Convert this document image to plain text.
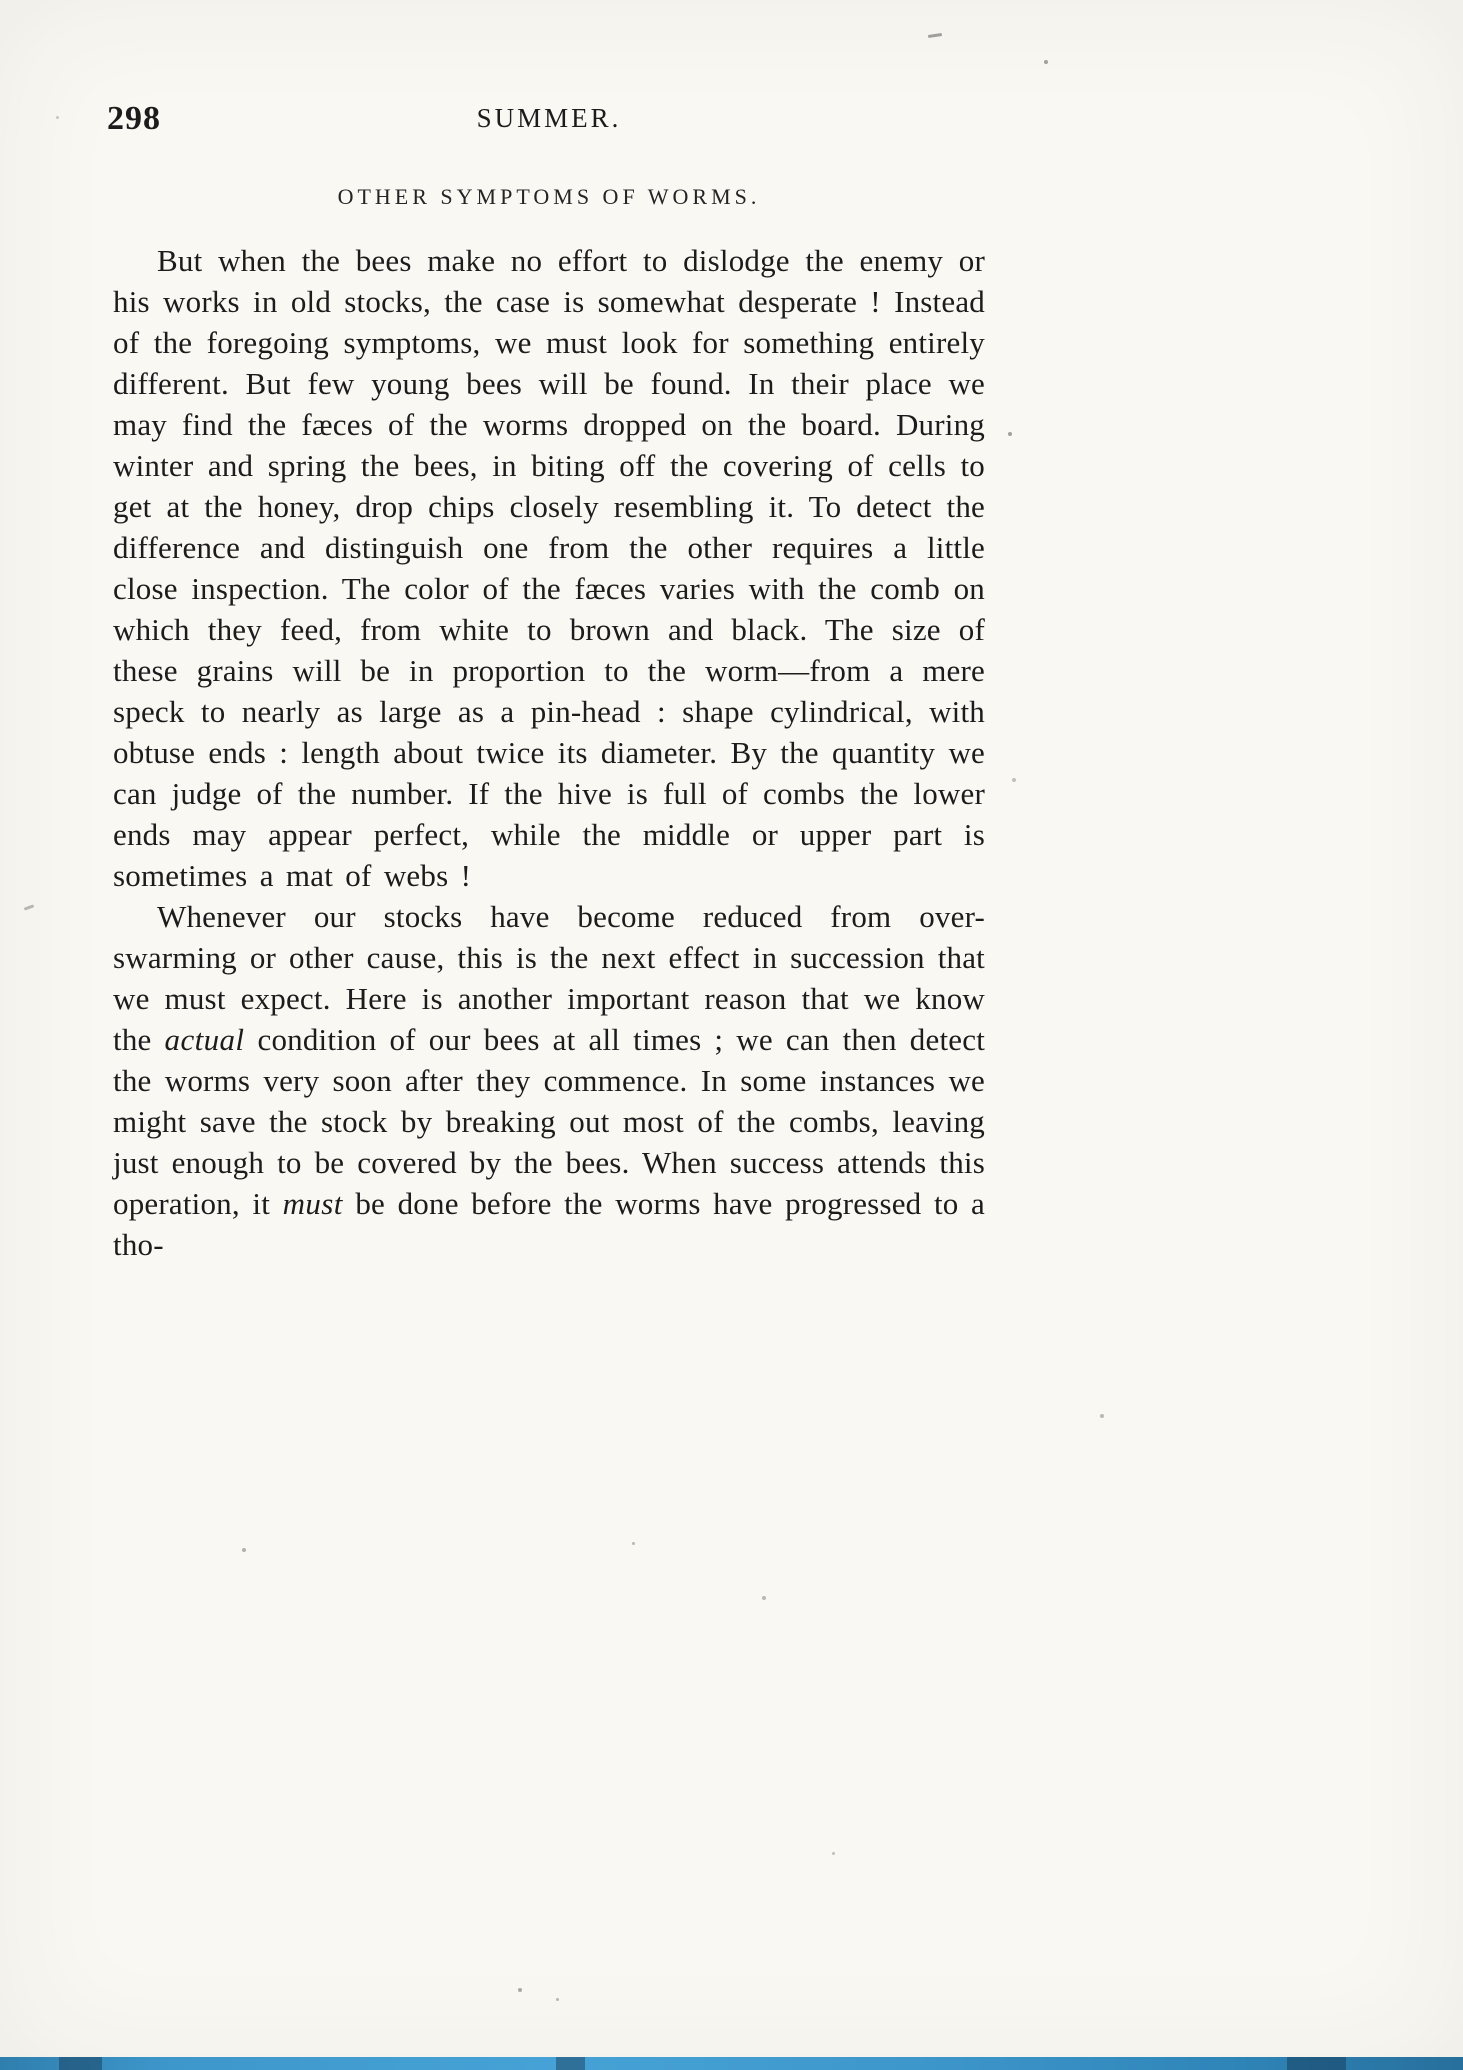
298	SUMMER.
OTHER SYMPTOMS OF WORMS.

But when the bees make no effort to dislodge the enemy or his works in old stocks, the case is somewhat desperate ! Instead of the foregoing symptoms, we must look for something entirely different. But few young bees will be found. In their place we may find the fæces of the worms dropped on the board. During winter and spring the bees, in biting off the covering of cells to get at the honey, drop chips closely resembling it. To detect the difference and distinguish one from the other requires a little close inspection. The color of the fæces varies with the comb on which they feed, from white to brown and black. The size of these grains will be in proportion to the worm—from a mere speck to nearly as large as a pin-head : shape cylindrical, with obtuse ends : length about twice its diameter. By the quantity we can judge of the number. If the hive is full of combs the lower ends may appear perfect, while the middle or upper part is sometimes a mat of webs !

Whenever our stocks have become reduced from over-swarming or other cause, this is the next effect in succession that we must expect. Here is another important reason that we know the actual condition of our bees at all times ; we can then detect the worms very soon after they commence. In some instances we might save the stock by breaking out most of the combs, leaving just enough to be covered by the bees. When success attends this operation, it must be done before the worms have progressed to a tho-
